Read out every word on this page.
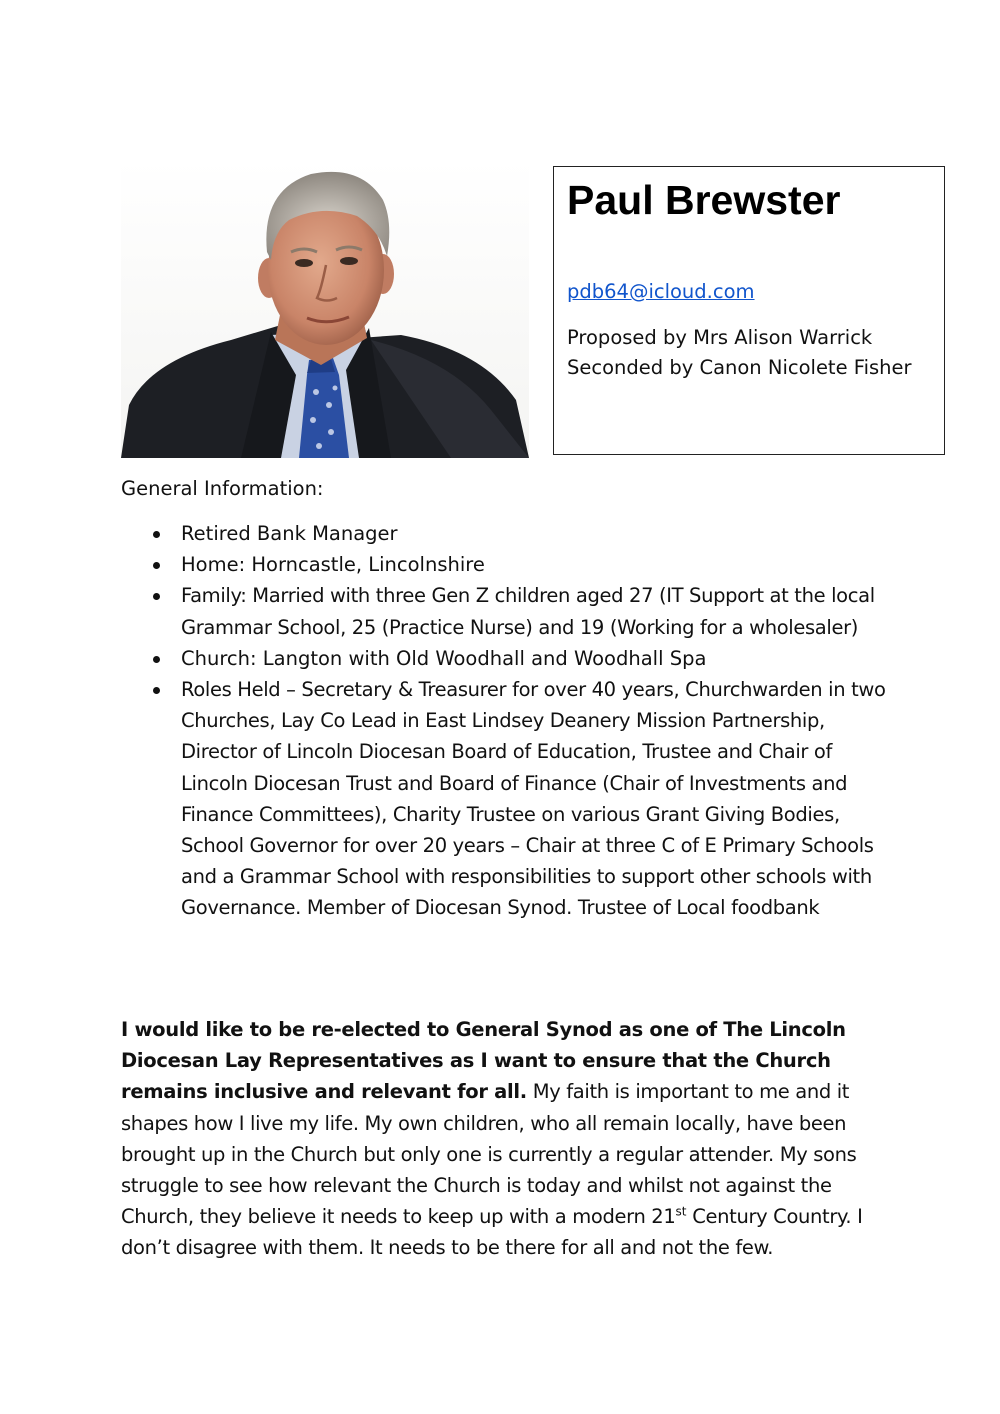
Paul Brewster
pdb64@icloud.com
Proposed by Mrs Alison Warrick
Seconded by Canon Nicolete Fisher
General Information:
Retired Bank Manager
Home: Horncastle, Lincolnshire
Family: Married with three Gen Z children aged 27 (IT Support at the local Grammar School, 25 (Practice Nurse) and 19 (Working for a wholesaler)
Church: Langton with Old Woodhall and Woodhall Spa
Roles Held – Secretary & Treasurer for over 40 years, Churchwarden in two Churches, Lay Co Lead in East Lindsey Deanery Mission Partnership, Director of Lincoln Diocesan Board of Education, Trustee and Chair of Lincoln Diocesan Trust and Board of Finance (Chair of Investments and Finance Committees), Charity Trustee on various Grant Giving Bodies, School Governor for over 20 years – Chair at three C of E Primary Schools and a Grammar School with responsibilities to support other schools with Governance. Member of Diocesan Synod. Trustee of Local foodbank

I would like to be re-elected to General Synod as one of The Lincoln Diocesan Lay Representatives as I want to ensure that the Church remains inclusive and relevant for all. My faith is important to me and it shapes how I live my life. My own children, who all remain locally, have been brought up in the Church but only one is currently a regular attender. My sons struggle to see how relevant the Church is today and whilst not against the Church, they believe it needs to keep up with a modern 21st Century Country. I don’t disagree with them. It needs to be there for all and not the few.
